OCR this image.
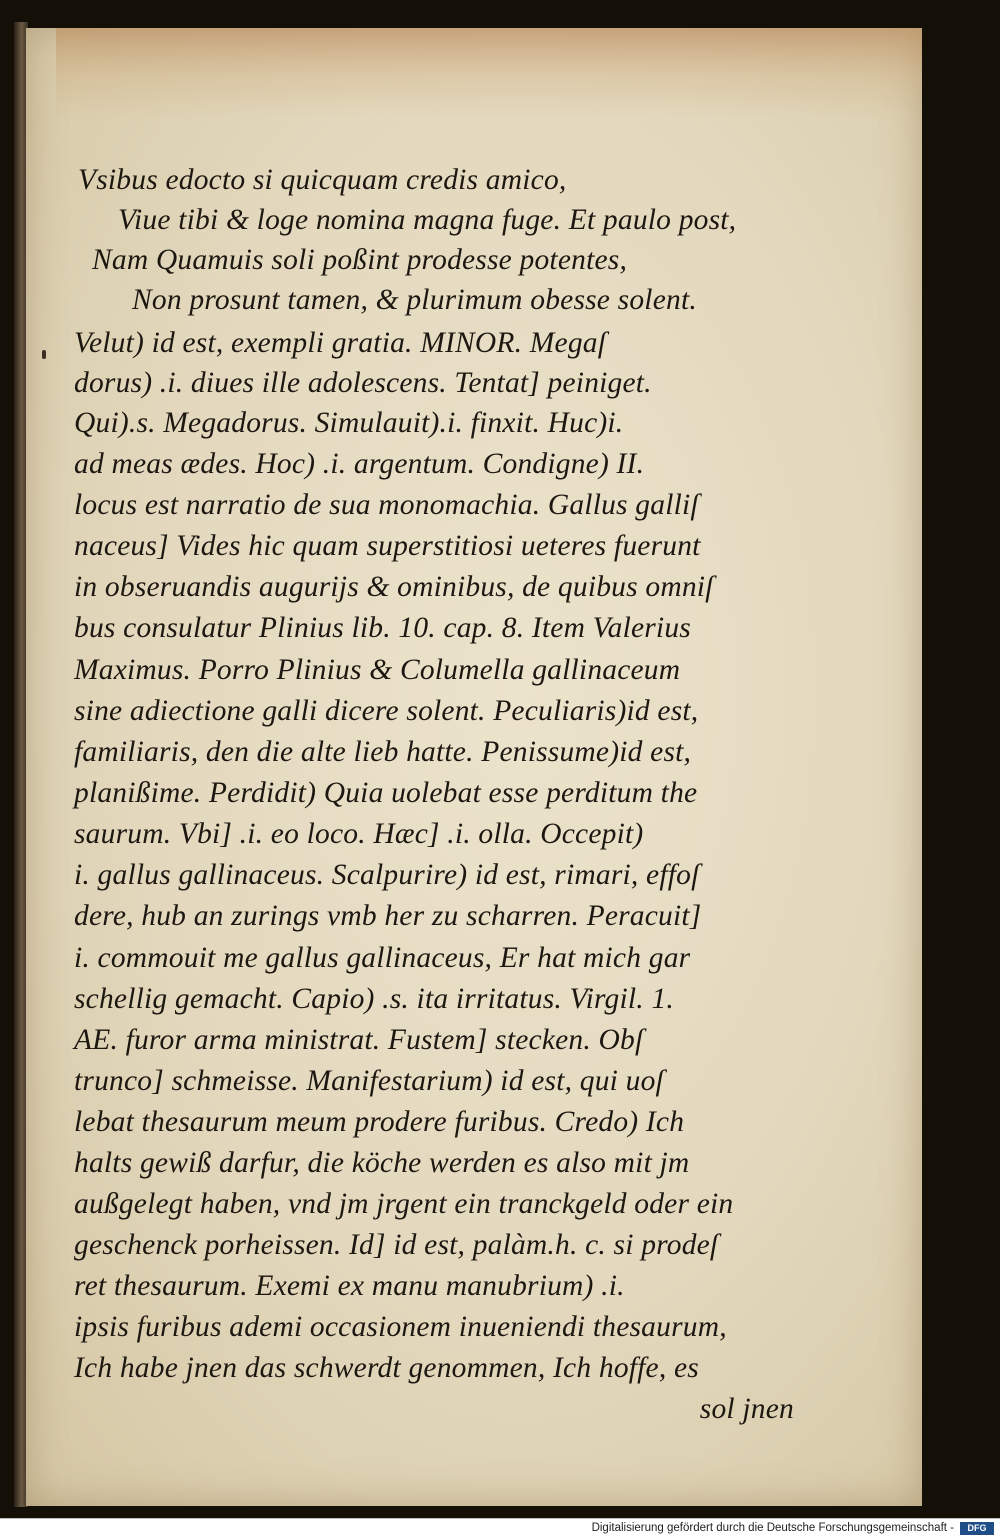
Vsibus edocto si quicquam credis amico,
Viue tibi & loge nomina magna fuge. Et paulo post,
Nam Quamuis soli poßint prodesse potentes,
Non prosunt tamen, & plurimum obesse solent.
Velut) id est, exempli gratia. MINOR. Megaſ
dorus) .i. diues ille adolescens. Tentat] peiniget.
Qui).s. Megadorus. Simulauit).i. finxit. Huc)i.
ad meas ædes. Hoc) .i. argentum. Condigne) II.
locus est narratio de sua monomachia. Gallus galliſ
naceus] Vides hic quam superstitiosi ueteres fuerunt
in obseruandis augurijs & ominibus, de quibus omniſ
bus consulatur Plinius lib. 10. cap. 8. Item Valerius
Maximus. Porro Plinius & Columella gallinaceum
sine adiectione galli dicere solent. Peculiaris)id est,
familiaris, den die alte lieb hatte. Penissume)id est,
planißime. Perdidit) Quia uolebat esse perditum the
saurum. Vbi] .i. eo loco. Hæc] .i. olla. Occepit)
i. gallus gallinaceus. Scalpurire) id est, rimari, effoſ
dere, hub an zurings vmb her zu scharren. Peracuit]
i. commouit me gallus gallinaceus, Er hat mich gar
schellig gemacht. Capio) .s. ita irritatus. Virgil. 1.
AE. furor arma ministrat. Fustem] stecken. Obſ
trunco] schmeisse. Manifestarium) id est, qui uoſ
lebat thesaurum meum prodere furibus. Credo) Ich
halts gewiß darfur, die köche werden es also mit jm
außgelegt haben, vnd jm jrgent ein tranckgeld oder ein
geschenck porheissen. Id] id est, palàm.h. c. si prodeſ
ret thesaurum. Exemi ex manu manubrium) .i.
ipsis furibus ademi occasionem inueniendi thesaurum,
Ich habe jnen das schwerdt genommen, Ich hoffe, es
sol jnen
Digitalisierung gefördert durch die Deutsche Forschungsgemeinschaft -	DFG
